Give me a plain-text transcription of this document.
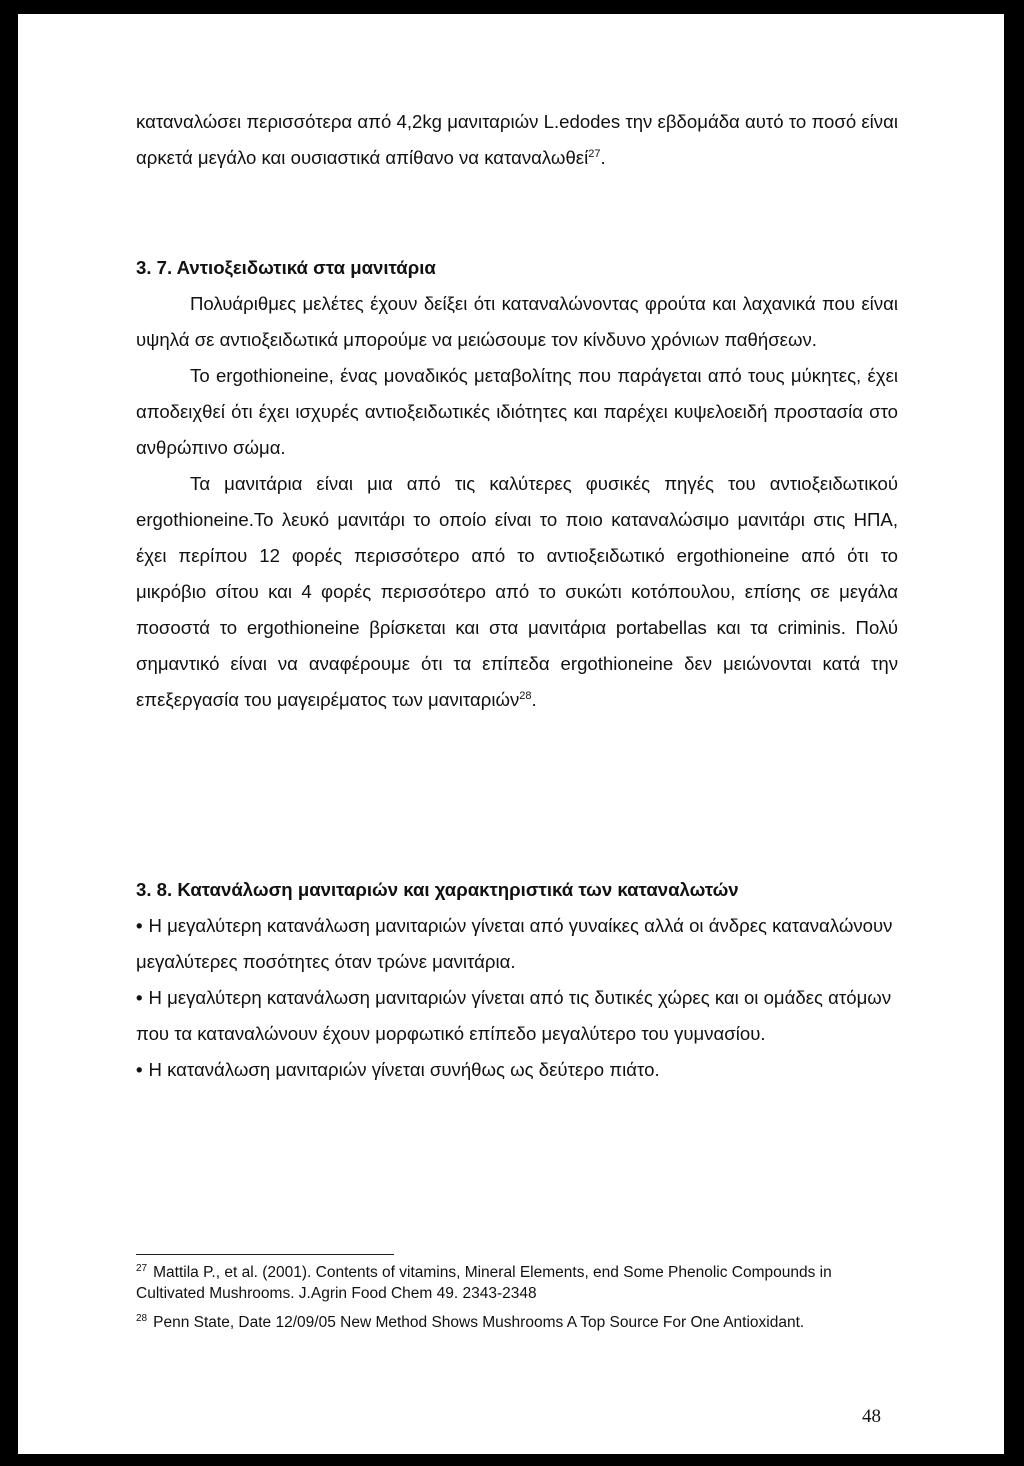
καταναλώσει περισσότερα από 4,2kg μανιταριών L.edodes την εβδομάδα αυτό το ποσό είναι αρκετά μεγάλο και ουσιαστικά απίθανο να καταναλωθεί$^{27}$.

3. 7. Αντιοξειδωτικά στα μανιτάρια

Πολυάριθμες μελέτες έχουν δείξει ότι καταναλώνοντας φρούτα και λαχανικά που είναι υψηλά σε αντιοξειδωτικά μπορούμε να μειώσουμε τον κίνδυνο χρόνιων παθήσεων.

Το ergothioneine, ένας μοναδικός μεταβολίτης που παράγεται από τους μύκητες, έχει αποδειχθεί ότι έχει ισχυρές αντιοξειδωτικές ιδιότητες και παρέχει κυψελοειδή προστασία στο ανθρώπινο σώμα.

Τα μανιτάρια είναι μια από τις καλύτερες φυσικές πηγές του αντιοξειδωτικού ergothioneine.Το λευκό μανιτάρι το οποίο είναι το ποιο καταναλώσιμο μανιτάρι στις ΗΠΑ, έχει περίπου 12 φορές περισσότερο από το αντιοξειδωτικό ergothioneine από ότι το μικρόβιο σίτου και 4 φορές περισσότερο από το συκώτι κοτόπουλου, επίσης σε μεγάλα ποσοστά το ergothioneine βρίσκεται και στα μανιτάρια portabellas και τα criminis. Πολύ σημαντικό είναι να αναφέρουμε ότι τα επίπεδα ergothioneine δεν μειώνονται κατά την επεξεργασία του μαγειρέματος των μανιταριών$^{28}$.

3. 8. Κατανάλωση μανιταριών και χαρακτηριστικά των καταναλωτών

• Η μεγαλύτερη κατανάλωση μανιταριών γίνεται από γυναίκες αλλά οι άνδρες καταναλώνουν μεγαλύτερες ποσότητες όταν τρώνε μανιτάρια.

• Η μεγαλύτερη κατανάλωση μανιταριών γίνεται από τις δυτικές χώρες και οι ομάδες ατόμων που τα καταναλώνουν έχουν μορφωτικό επίπεδο μεγαλύτερο του γυμνασίου.

• Η κατανάλωση μανιταριών γίνεται συνήθως ως δεύτερο πιάτο.

$^{27}$ Mattila P., et al. (2001). Contents of vitamins, Mineral Elements, end Some Phenolic Compounds in Cultivated Mushrooms. J.Agrin Food Chem 49. 2343-2348

$^{28}$ Penn State, Date 12/09/05 New Method Shows Mushrooms A Top Source For One Antioxidant.

48
